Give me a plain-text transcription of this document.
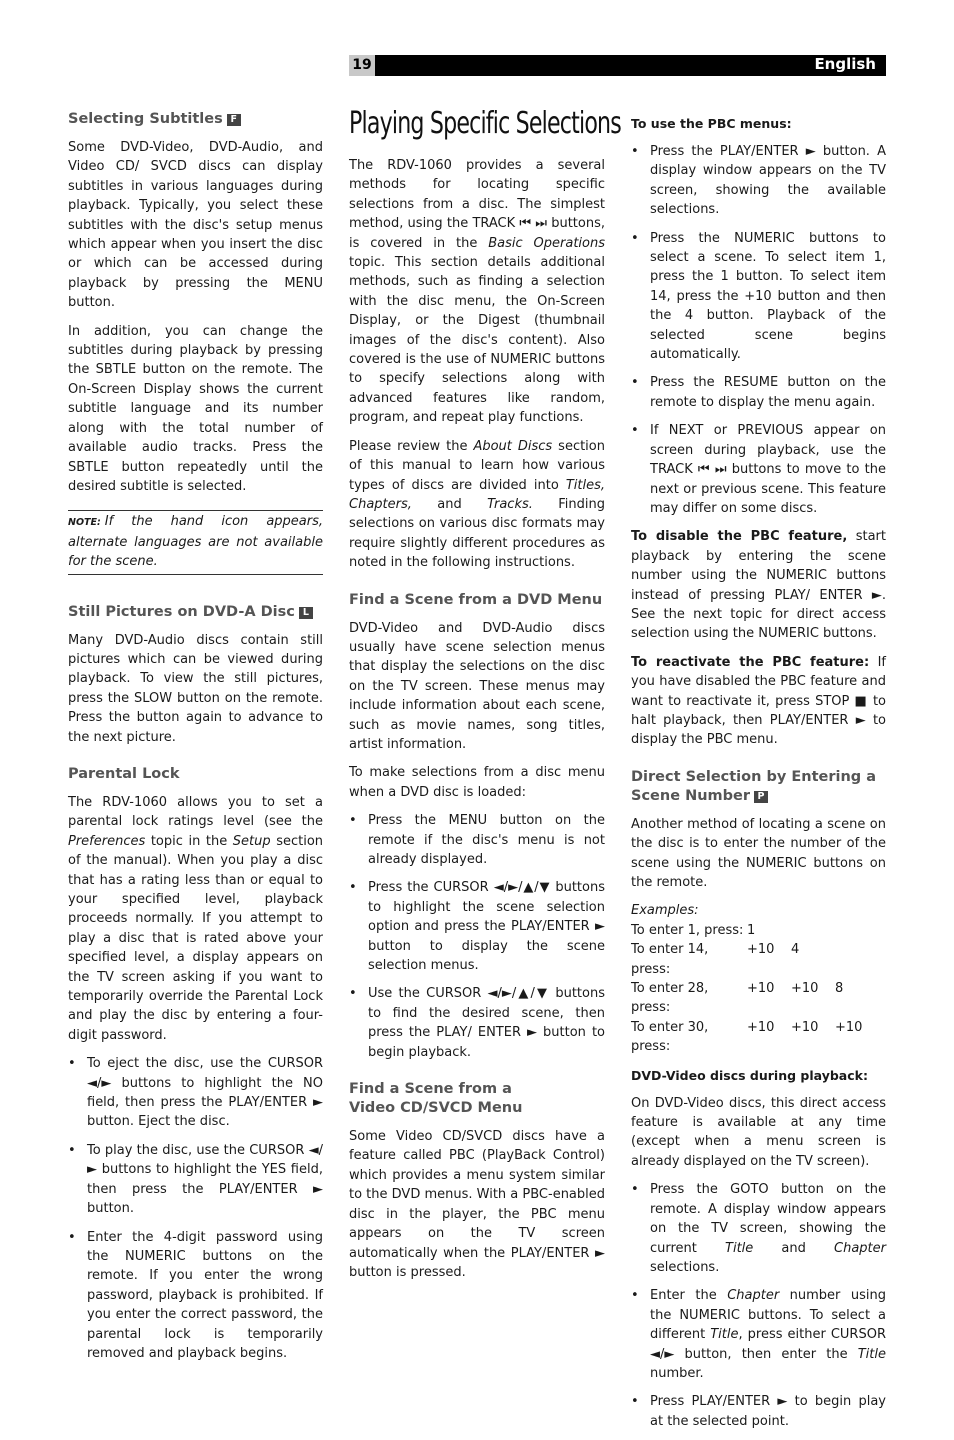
19	English
Selecting Subtitles F

Some DVD-Video, DVD-Audio, and Video CD/ SVCD discs can display subtitles in various languages during playback. Typically, you select these subtitles with the disc's setup menus which appear when you insert the disc or which can be accessed during playback by pressing the MENU button.

In addition, you can change the subtitles during playback by pressing the SBTLE button on the remote. The On-Screen Display shows the current subtitle language and its number along with the total number of available audio tracks. Press the SBTLE button repeatedly until the desired subtitle is selected.

NOTE: If the hand icon appears, alternate languages are not available for the scene.

Still Pictures on DVD-A Disc L

Many DVD-Audio discs contain still pictures which can be viewed during playback. To view the still pictures, press the SLOW button on the remote. Press the button again to advance to the next picture.

Parental Lock

The RDV-1060 allows you to set a parental lock ratings level (see the Preferences topic in the Setup section of the manual). When you play a disc that has a rating less than or equal to your specified level, playback proceeds normally. If you attempt to play a disc that is rated above your specified level, a display appears on the TV screen asking if you want to temporarily override the Parental Lock and play the disc by entering a four-digit password.

• To eject the disc, use the CURSOR ◄/► buttons to highlight the NO field, then press the PLAY/ENTER ► button. Eject the disc.

• To play the disc, use the CURSOR ◄/► buttons to highlight the YES field, then press the PLAY/ENTER ► button.

• Enter the 4-digit password using the NUMERIC buttons on the remote. If you enter the wrong password, playback is prohibited. If you enter the correct password, the parental lock is temporarily removed and playback begins.

Playing Specific Selections

The RDV-1060 provides a several methods for locating specific selections from a disc. The simplest method, using the TRACK ⏮ ⏭ buttons, is covered in the Basic Operations topic. This section details additional methods, such as finding a selection with the disc menu, the On-Screen Display, or the Digest (thumbnail images of the disc's content). Also covered is the use of NUMERIC buttons to specify selections along with advanced features like random, program, and repeat play functions.

Please review the About Discs section of this manual to learn how various types of discs are divided into Titles, Chapters, and Tracks. Finding selections on various disc formats may require slightly different procedures as noted in the following instructions.

Find a Scene from a DVD Menu

DVD-Video and DVD-Audio discs usually have scene selection menus that display the selections on the disc on the TV screen. These menus may include information about each scene, such as movie names, song titles, artist information.

To make selections from a disc menu when a DVD disc is loaded:

• Press the MENU button on the remote if the disc's menu is not already displayed.

• Press the CURSOR ◄/►/▲/▼ buttons to highlight the scene selection option and press the PLAY/ENTER ► button to display the scene selection menus.

• Use the CURSOR ◄/►/▲/▼ buttons to find the desired scene, then press the PLAY/ ENTER ► button to begin playback.

Find a Scene from a
Video CD/SVCD Menu

Some Video CD/SVCD discs have a feature called PBC (PlayBack Control) which provides a menu system similar to the DVD menus. With a PBC-enabled disc in the player, the PBC menu appears on the TV screen automatically when the PLAY/ENTER ► button is pressed.

To use the PBC menus:

• Press the PLAY/ENTER ► button. A display window appears on the TV screen, showing the available selections.

• Press the NUMERIC buttons to select a scene. To select item 1, press the 1 button. To select item 14, press the +10 button and then the 4 button. Playback of the selected scene begins automatically.

• Press the RESUME button on the remote to display the menu again.

• If NEXT or PREVIOUS appear on screen during playback, use the TRACK ⏮ ⏭ buttons to move to the next or previous scene. This feature may differ on some discs.

To disable the PBC feature, start playback by entering the scene number using the NUMERIC buttons instead of pressing PLAY/ ENTER ►. See the next topic for direct access selection using the NUMERIC buttons.

To reactivate the PBC feature: If you have disabled the PBC feature and want to reactivate it, press STOP ■ to halt playback, then PLAY/ENTER ► to display the PBC menu.

Direct Selection by Entering a
Scene Number P

Another method of locating a scene on the disc is to enter the number of the scene using the NUMERIC buttons on the remote.

Examples:

To enter 1, press: 1
To enter 14, press:
+10	4
To enter 28, press:
+10	+10	8
To enter 30, press:
+10	+10	+10

DVD-Video discs during playback:

On DVD-Video discs, this direct access feature is available at any time (except when a menu screen is already displayed on the TV screen).

• Press the GOTO button on the remote. A display window appears on the TV screen, showing the current Title and Chapter selections.

• Enter the Chapter number using the NUMERIC buttons. To select a different Title, press either CURSOR ◄/► button, then enter the Title number.

• Press PLAY/ENTER ► to begin play at the selected point.
